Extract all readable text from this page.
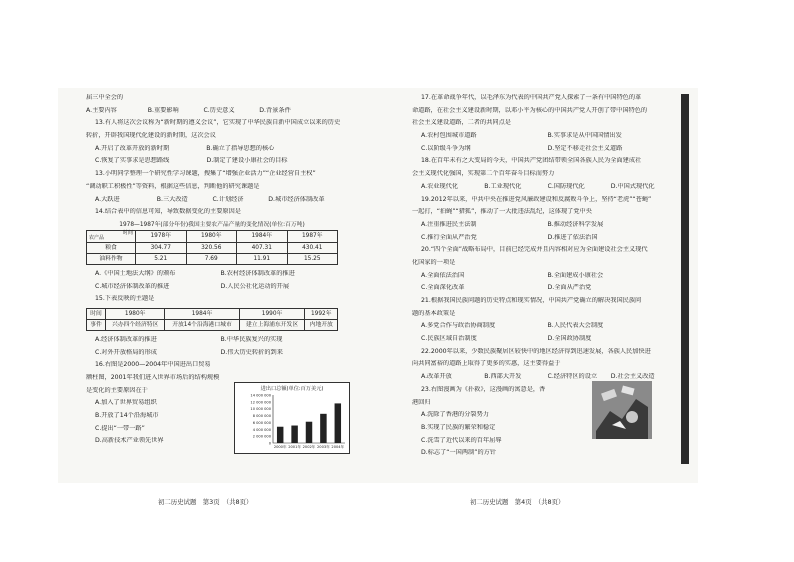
届三中全会的
A.主要内容　　　　　B.重要影响　　　　C.历史意义　　　　D.背景条件
13.有人将这次会议称为“新时期的遵义会议”，它实现了中华民族自新中国成立以来的历史
转折，开辟我国现代化建设的新时期，这次会议
A.开启了改革开放的新时期　　　　　　B.确立了指导思想的核心
C.恢复了实事求是思想路线　　　　　　D.制定了建设小康社会的目标
13.小明同学整理一个研究性学习课题，搜集了“增强企业活力”“企业经营自主权”
“调动职工积极性”等资料，根据这些信息，判断他的研究课题是
A.大跃进　　　　　　B.三大改造　　　　C.计划经济　　　　D.城市经济体制改革
14.结合表中的信息可知，导致数据变化的主要原因是
1978—1987年(部分年份)我国主要农产品产量的变化情况(单位:百万吨)				

时间
农产品	1978年	1980年	1984年	1987年
粮食	304.77	320.56	407.31	430.41
油料作物	5.21	7.69	11.91	15.25
A.《中国土地法大纲》的颁布	B.农村经济体制改革的推进
C.城市经济体制改革的推进	D.人民公社化运动的开展
15.下表反映的主题是
时间	1980年	1984年	1990年	1992年
事件	兴办四个经济特区	开放14个沿海港口城市	建立上海浦东开发区	内地开放
A.经济体制改革的推进	B.中华民族复兴的实现
C.对外开放格局的形成	D.伟大历史转折的到来
16.右图是2000—2004年中国进出口贸易
额柱图，2001年我们进入世界市场后的结构规模
是变化的主要原因在于
A.加入了世界贸易组织
B.开放了14个沿海城市
C.提出“一带一路”
D.高新技术产业领先世界
进出口总额(单位:百万美元)
14 000 000
12 000 000
10 000 000
8 000 000
6 000 000
4 000 000
2 000 000
0
2000年 2001年 2002年 2003年 2004年
初二历史试题　第3页　（共8页）
17.在革命战争年代，以毛泽东为代表的中国共产党人探索了一条有中国特色的革
命道路，在社会主义建设新时期，以邓小平为核心的中国共产党人开创了带中国特色的
社会主义建设道路，二者的共同点是
A.农村包围城市道路	B.实事求是从中国国情出发
C.以阶级斗争为纲	D.坚定不移走社会主义道路
18.在百年未有之大变局的今天，中国共产党团结带领全国各族人民为全面建成社
会主义现代化强国，实现第二个百年奋斗目标而努力
A.农业现代化	B.工业现代化	C.国防现代化	D.中国式现代化
19.2012年以来，中共中央在推进党风廉政建设和反腐败斗争上，坚持“老虎”“苍蝇”
一起打，“拍蝇”“猎狐”，推动了一大批违法乱纪，这体现了党中央
A.注重推进民主法制	B.推动经济科学发展
C.推行全面从严治党	D.推进了依法治国
20.“四个全面”战略布局中，目前已经完成并且内容相对应为全面建设社会主义现代
化国家的一项是
A.全面依法治国	B.全面建成小康社会
C.全面深化改革	D.全面从严治党
21.根据我国民族问题的历史特点和现实情况，中国共产党确立的解决我国民族问
题的基本政策是
A.多党合作与政治协商制度	B.人民代表大会制度
C.民族区域自治制度	D.全国政协制度
22.2000年以来，少数民族聚居区较快中的地区经济得到迅速发展，各族人民加快进
向共同富裕的道路上取得了更多的实惠，这主要得益于
A.改革开放	B.西部大开发	C.经济特区的设立	D.社会主义改造
23.右图漫画为《扑救》，这漫画的寓意是，香
港回归
A.洗除了香港的分裂势力
B.实现了民族的繁荣和稳定
C.洗雪了近代以来的百年屈辱
D.标志了“一国两制”的方针
初二历史试题　第4页　（共8页）
